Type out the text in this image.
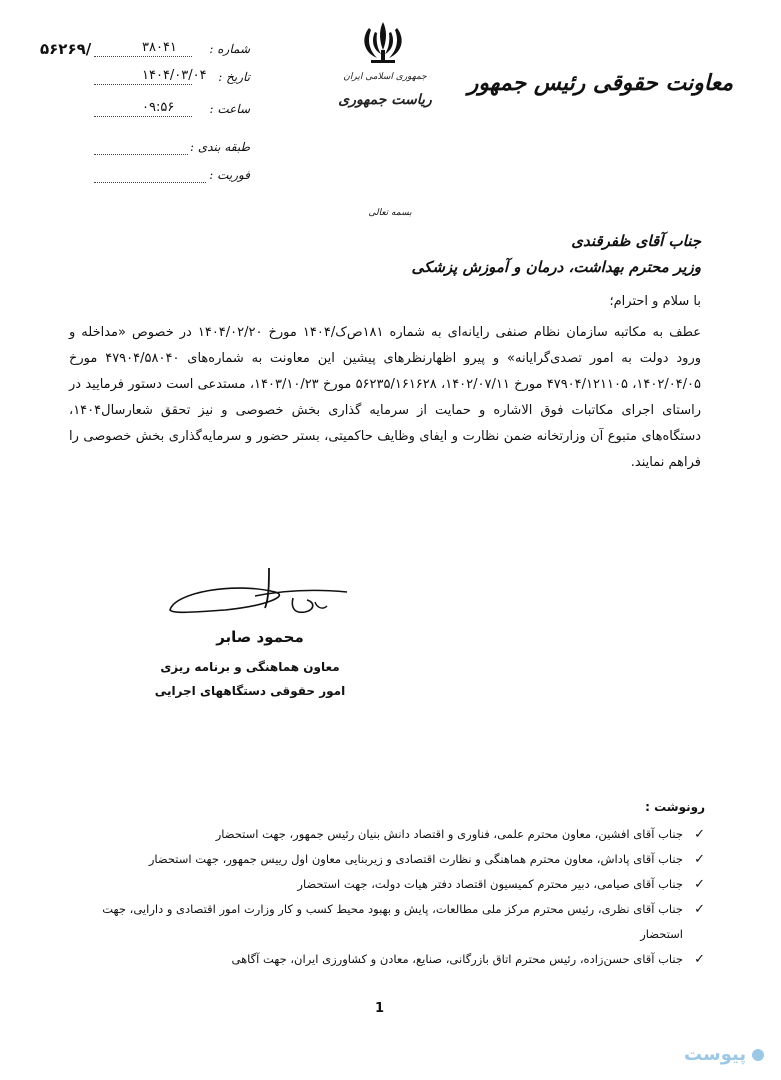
معاونت حقوقی رئیس جمهور
جمهوری اسلامی ایران
ریاست جمهوری
۵۶۲۶۹/	شماره :
۳۸۰۴۱
تاریخ :
۱۴۰۴/۰۳/۰۴
ساعت :
۰۹:۵۶
طبقه بندی :
فوریت :
بسمه تعالی
جناب آقای ظفرقندی
وزیر محترم بهداشت، درمان و آموزش پزشکی
با سلام و احترام؛
عطف به مکاتبه سازمان نظام صنفی رایانه‌ای به شماره ۱۸۱ص‌ک/۱۴۰۴ مورخ ۱۴۰۴/۰۲/۲۰ در خصوص «مداخله و ورود دولت به امور تصدی‌گرایانه» و پیرو اظهارنظرهای پیشین این معاونت به شماره‌های ۴۷۹۰۴/۵۸۰۴۰ مورخ ۱۴۰۲/۰۴/۰۵، ۴۷۹۰۴/۱۲۱۱۰۵ مورخ ۱۴۰۲/۰۷/۱۱، ۵۶۲۳۵/۱۶۱۶۲۸ مورخ ۱۴۰۳/۱۰/۲۳، مستدعی است دستور فرمایید در راستای اجرای مکاتبات فوق الاشاره و حمایت از سرمایه گذاری بخش خصوصی و نیز تحقق شعارسال۱۴۰۴، دستگاه‌های متبوع آن وزارتخانه ضمن نظارت و ایفای وظایف حاکمیتی، بستر حضور و سرمایه‌گذاری بخش خصوصی را فراهم نمایند.
محمود صابر
معاون هماهنگی و برنامه ریزی
امور حقوقی دستگاههای اجرایی
رونوشت :
✓
جناب آقای افشین، معاون محترم علمی، فناوری و اقتصاد دانش بنیان رئیس جمهور، جهت استحضار
✓
جناب آقای پاداش، معاون محترم هماهنگی و نظارت اقتصادی و زیربنایی معاون اول رییس جمهور، جهت استحضار
✓
جناب آقای صیامی، دبیر محترم کمیسیون اقتصاد دفتر هیات دولت، جهت استحضار
✓
جناب آقای نظری، رئیس محترم مرکز ملی مطالعات، پایش و بهبود محیط کسب و کار وزارت امور اقتصادی و دارایی، جهت استحضار
✓
جناب آقای حسن‌زاده، رئیس محترم اتاق بازرگانی، صنایع، معادن و کشاورزی ایران، جهت آگاهی
1
پیوست
